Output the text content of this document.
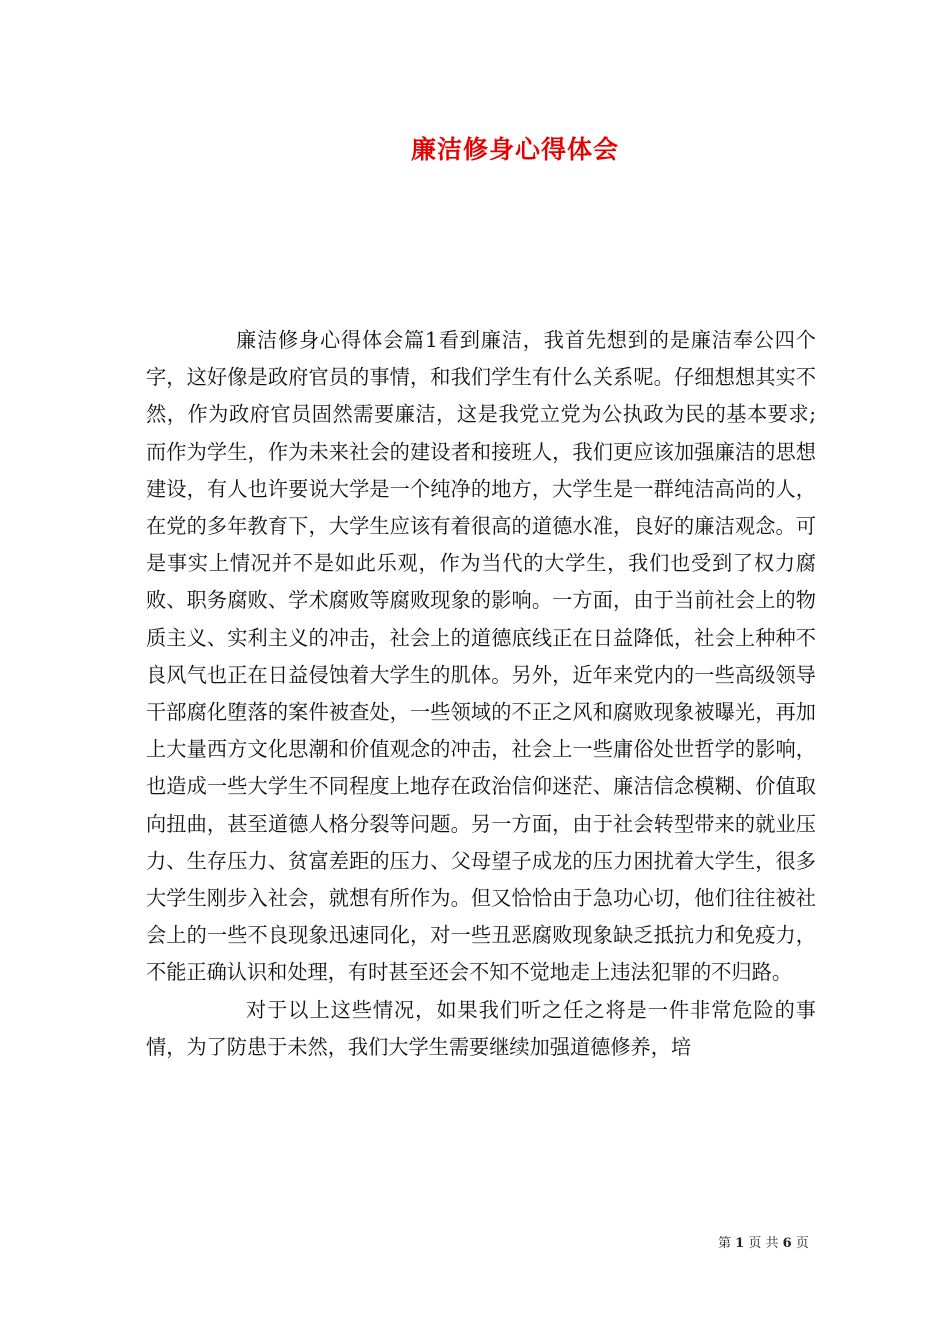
廉洁修身心得体会

廉洁修身心得体会篇1看到廉洁，我首先想到的是廉洁奉公四个字，这好像是政府官员的事情，和我们学生有什么关系呢。仔细想想其实不然，作为政府官员固然需要廉洁，这是我党立党为公执政为民的基本要求;而作为学生，作为未来社会的建设者和接班人，我们更应该加强廉洁的思想建设，有人也许要说大学是一个纯净的地方，大学生是一群纯洁高尚的人，在党的多年教育下，大学生应该有着很高的道德水准，良好的廉洁观念。可是事实上情况并不是如此乐观，作为当代的大学生，我们也受到了权力腐败、职务腐败、学术腐败等腐败现象的影响。一方面，由于当前社会上的物质主义、实利主义的冲击，社会上的道德底线正在日益降低，社会上种种不良风气也正在日益侵蚀着大学生的肌体。另外，近年来党内的一些高级领导干部腐化堕落的案件被查处，一些领域的不正之风和腐败现象被曝光，再加上大量西方文化思潮和价值观念的冲击，社会上一些庸俗处世哲学的影响，也造成一些大学生不同程度上地存在政治信仰迷茫、廉洁信念模糊、价值取向扭曲，甚至道德人格分裂等问题。另一方面，由于社会转型带来的就业压力、生存压力、贫富差距的压力、父母望子成龙的压力困扰着大学生，很多大学生刚步入社会，就想有所作为。但又恰恰由于急功心切，他们往往被社会上的一些不良现象迅速同化，对一些丑恶腐败现象缺乏抵抗力和免疫力，不能正确认识和处理，有时甚至还会不知不觉地走上违法犯罪的不归路。

对于以上这些情况，如果我们听之任之将是一件非常危险的事情，为了防患于未然，我们大学生需要继续加强道德修养，培

第 1 页 共 6 页
